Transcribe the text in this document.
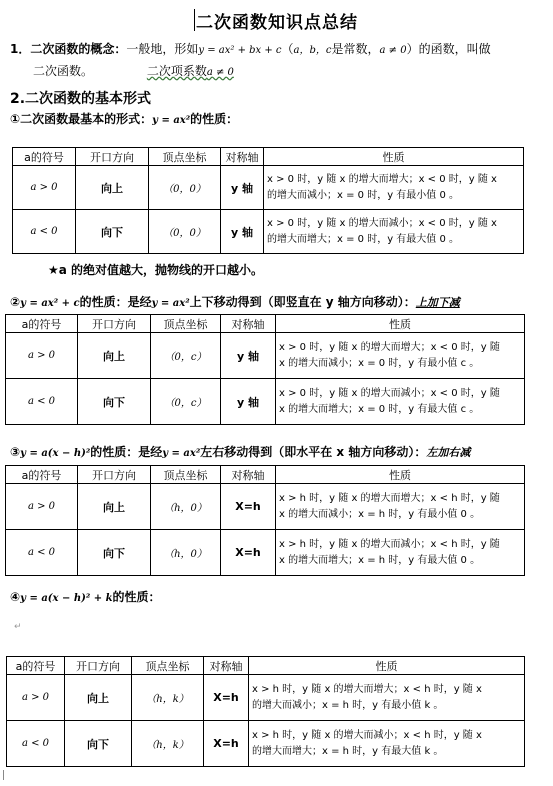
二次函数知识点总结
1．二次函数的概念：一般地，形如y = ax² + bx + c（a，b，c是常数，a ≠ 0）的函数，叫做
二次函数。	二次项系数a ≠ 0
2.二次函数的基本形式
①二次函数最基本的形式：y = ax²的性质：
a的符号	开口方向	顶点坐标	对称轴	性质
a > 0	向上	（0，0）	y 轴	x > 0 时，y 随 x 的增大而增大；x < 0 时，y 随 x
的增大而减小；x = 0 时，y 有最小值 0 。

a < 0	向下	（0，0）	y 轴	x > 0 时，y 随 x 的增大而减小；x < 0 时，y 随 x
的增大而增大；x = 0 时，y 有最大值 0 。
★a 的绝对值越大，抛物线的开口越小。
②y = ax² + c的性质：是经y = ax²上下移动得到（即竖直在 y 轴方向移动）：上加下减
a的符号	开口方向	顶点坐标	对称轴	性质
a > 0	向上	（0，c）	y 轴	x > 0 时，y 随 x 的增大而增大；x < 0 时，y 随
x 的增大而减小；x = 0 时，y 有最小值 c 。

a < 0	向下	（0，c）	y 轴	x > 0 时，y 随 x 的增大而减小；x < 0 时，y 随
x 的增大而增大；x = 0 时，y 有最大值 c 。
③y = a(x − h)²的性质：是经y = ax²左右移动得到（即水平在 x 轴方向移动）：左加右减
a的符号	开口方向	顶点坐标	对称轴	性质
a > 0	向上	（h，0）	X=h	x > h 时，y 随 x 的增大而增大；x < h 时，y 随
x 的增大而减小；x = h 时，y 有最小值 0 。

a < 0	向下	（h，0）	X=h	x > h 时，y 随 x 的增大而减小；x < h 时，y 随
x 的增大而增大；x = h 时，y 有最大值 0 。
④y = a(x − h)² + k的性质：
↵
a的符号	开口方向	顶点坐标	对称轴	性质
a > 0	向上	（h，k）	X=h	x > h 时，y 随 x 的增大而增大；x < h 时，y 随 x
的增大而减小；x = h 时，y 有最小值 k 。

a < 0	向下	（h，k）	X=h	x > h 时，y 随 x 的增大而减小；x < h 时，y 随 x
的增大而增大；x = h 时，y 有最大值 k 。
